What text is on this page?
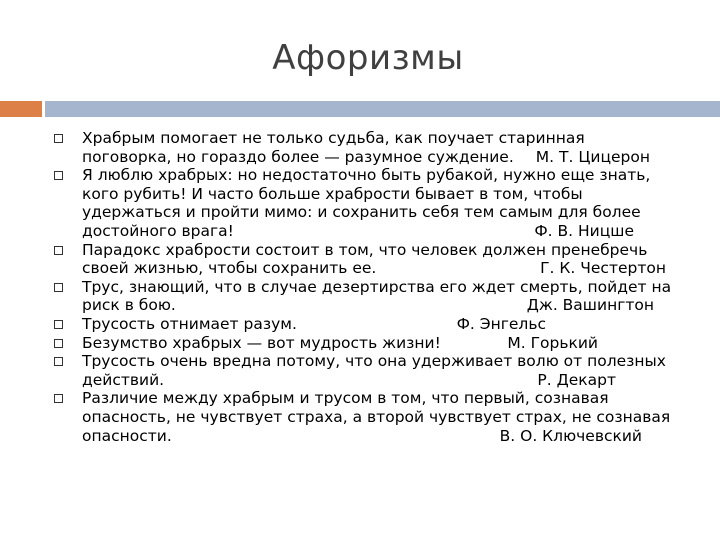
Афоризмы
Храбрым помогает не только судьба, как поучает старинная
поговорка, но гораздо более — разумное суждение. М. Т. Цицерон
Я люблю храбрых: но недостаточно быть рубакой, нужно еще знать,
кого рубить! И часто больше храбрости бывает в том, чтобы
удержаться и пройти мимо: и сохранить себя тем самым для более
достойного врага!	Ф. В. Ницше
Парадокс храбрости состоит в том, что человек должен пренебречь
своей жизнью, чтобы сохранить ее.	Г. К. Честертон
Трус, знающий, что в случае дезертирства его ждет смерть, пойдет на
риск в бою.	Дж. Вашингтон
Трусость отнимает разум.	Ф. Энгельс
Безумство храбрых — вот мудрость жизни!	М. Горький
Трусость очень вредна потому, что она удерживает волю от полезных
действий.	Р. Декарт
Различие между храбрым и трусом в том, что первый, сознавая
опасность, не чувствует страха, а второй чувствует страх, не сознавая
опасности.	В. О. Ключевский
